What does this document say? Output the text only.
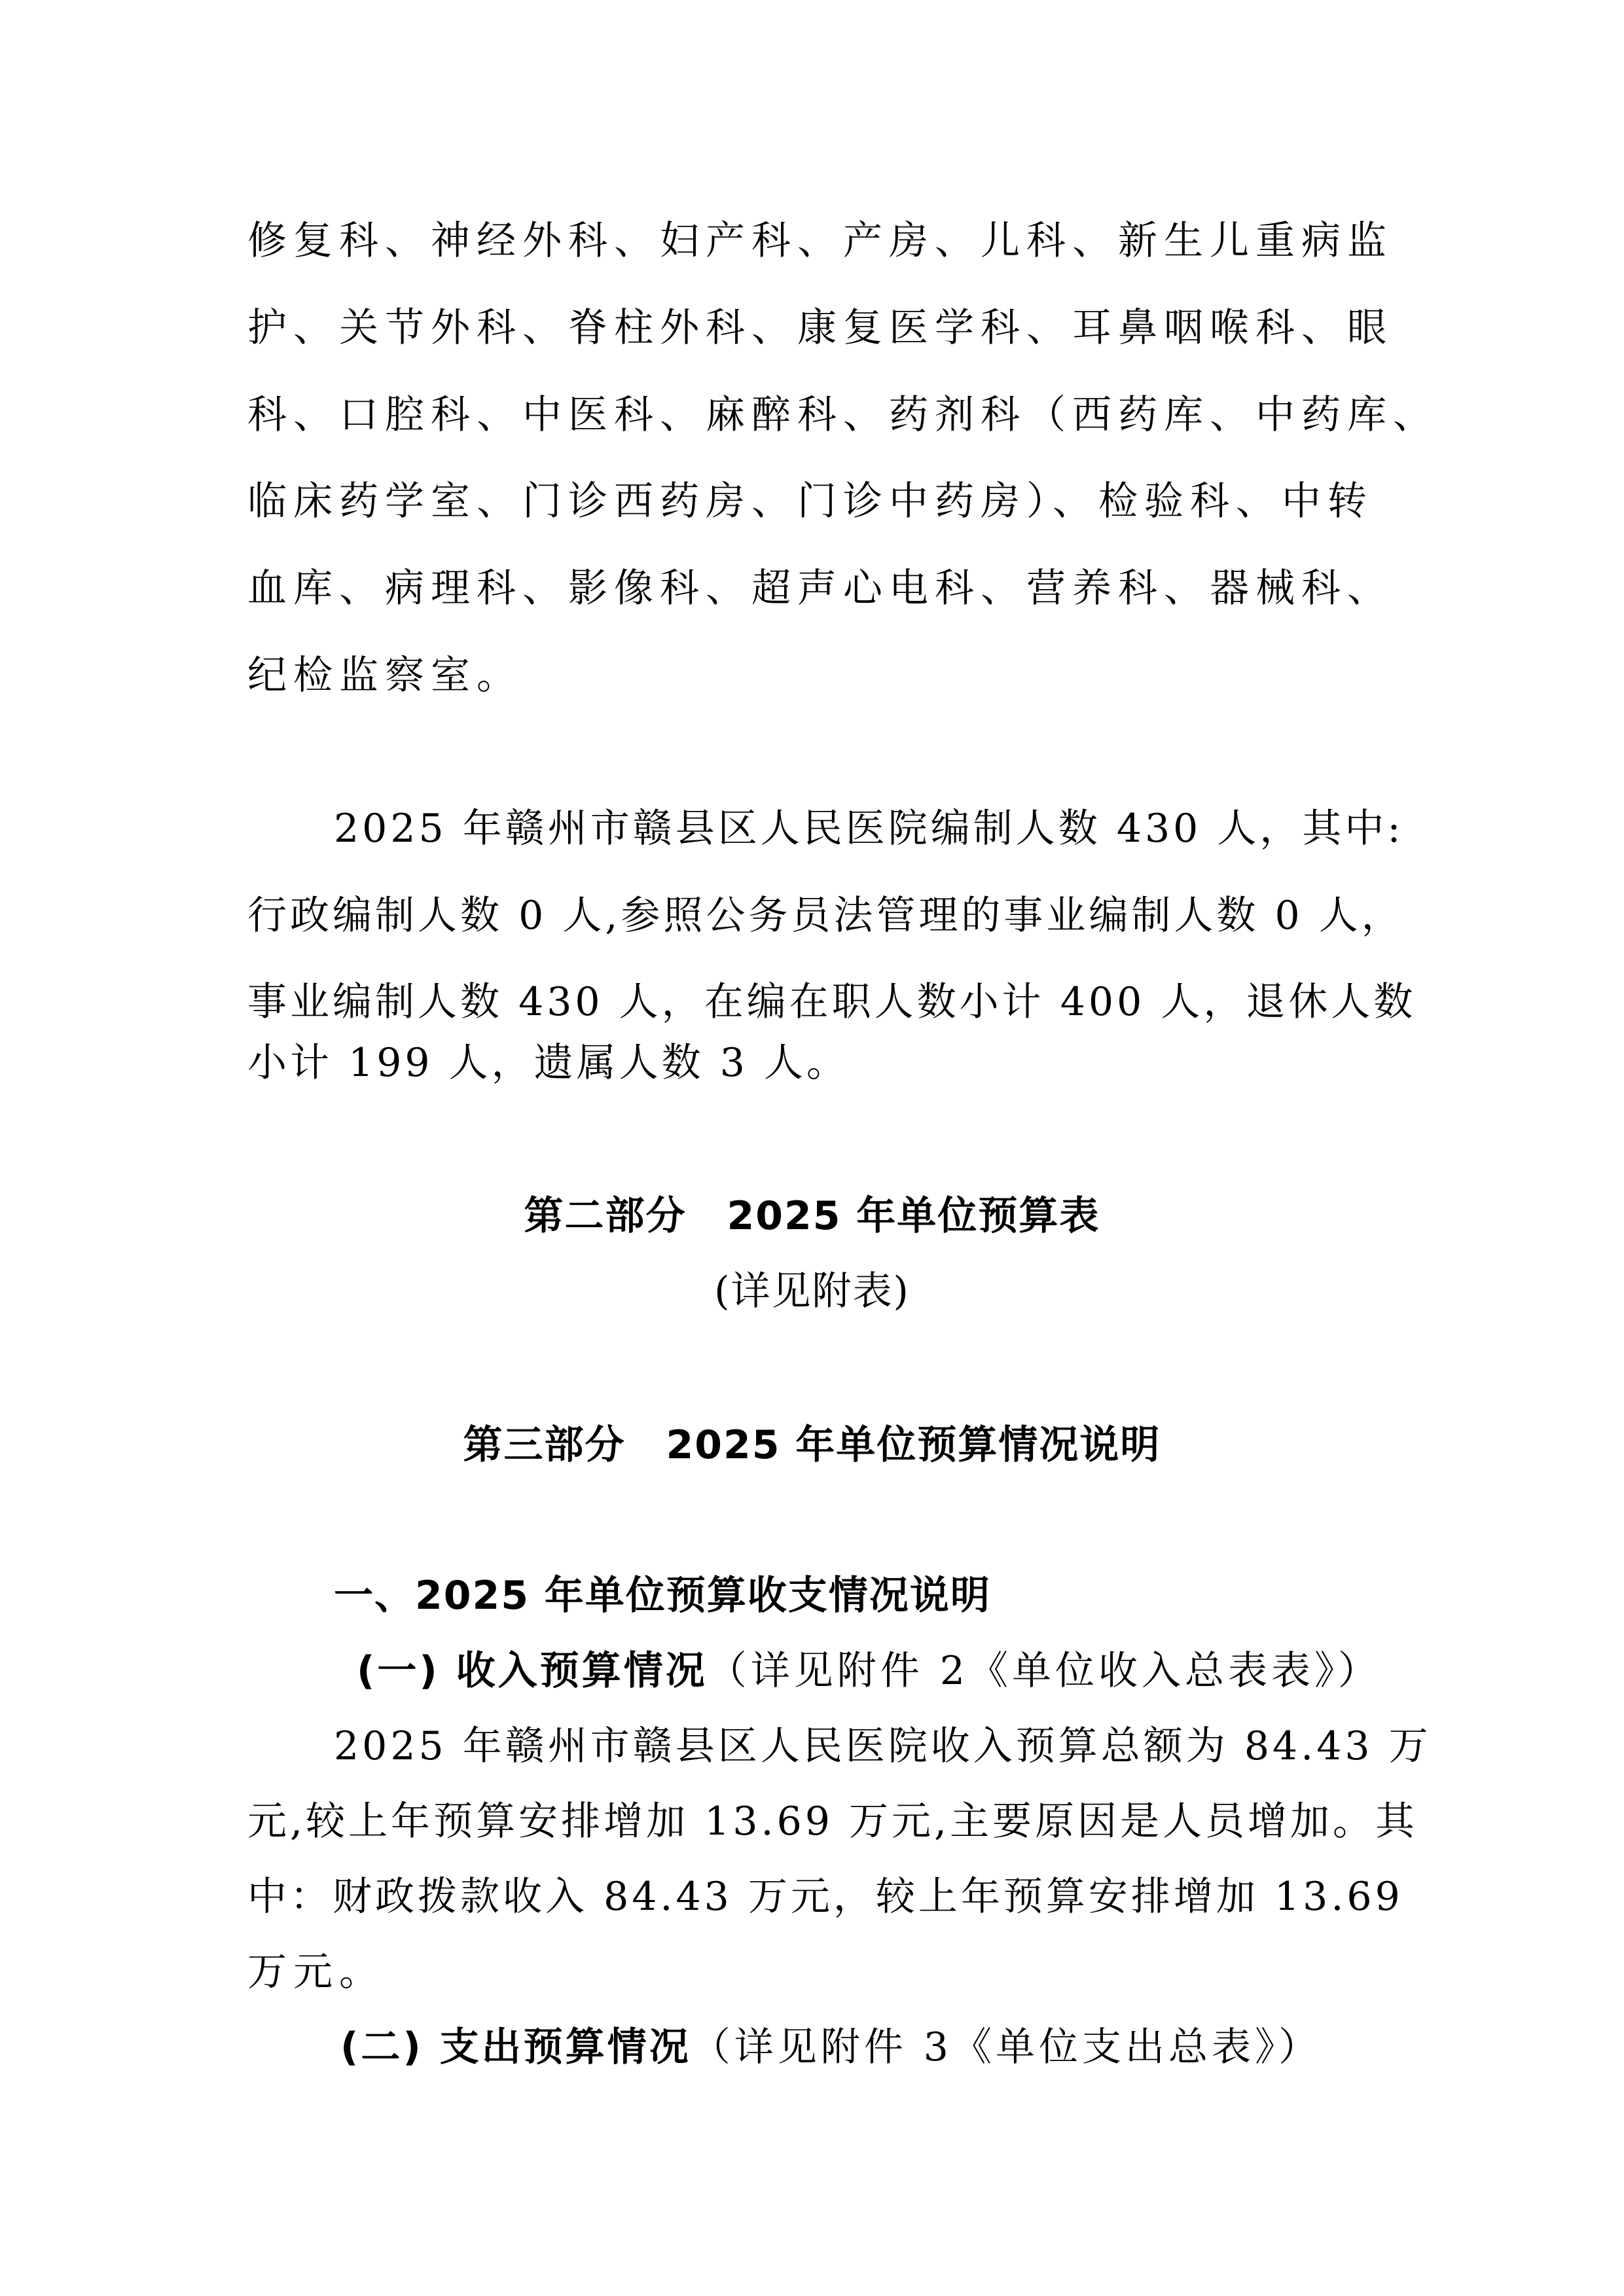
修复科、神经外科、妇产科、产房、儿科、新生儿重病监
护、关节外科、脊柱外科、康复医学科、耳鼻咽喉科、眼
科、口腔科、中医科、麻醉科、药剂科（西药库、中药库、
临床药学室、门诊西药房、门诊中药房）、检验科、中转
血库、病理科、影像科、超声心电科、营养科、器械科、
纪检监察室。
2025 年赣州市赣县区人民医院编制人数 430 人，其中:
行政编制人数 0 人,参照公务员法管理的事业编制人数 0 人，
事业编制人数 430 人，在编在职人数小计 400 人，退休人数
小计 199 人，遗属人数 3 人。
第二部分　2025 年单位预算表
(详见附表)
第三部分　2025 年单位预算情况说明
一、2025 年单位预算收支情况说明
(一) 收入预算情况（详见附件 2《单位收入总表表》）
2025 年赣州市赣县区人民医院收入预算总额为 84.43 万
元,较上年预算安排增加 13.69 万元,主要原因是人员增加。其
中：财政拨款收入 84.43 万元，较上年预算安排增加 13.69
万元。
(二) 支出预算情况（详见附件 3《单位支出总表》）
